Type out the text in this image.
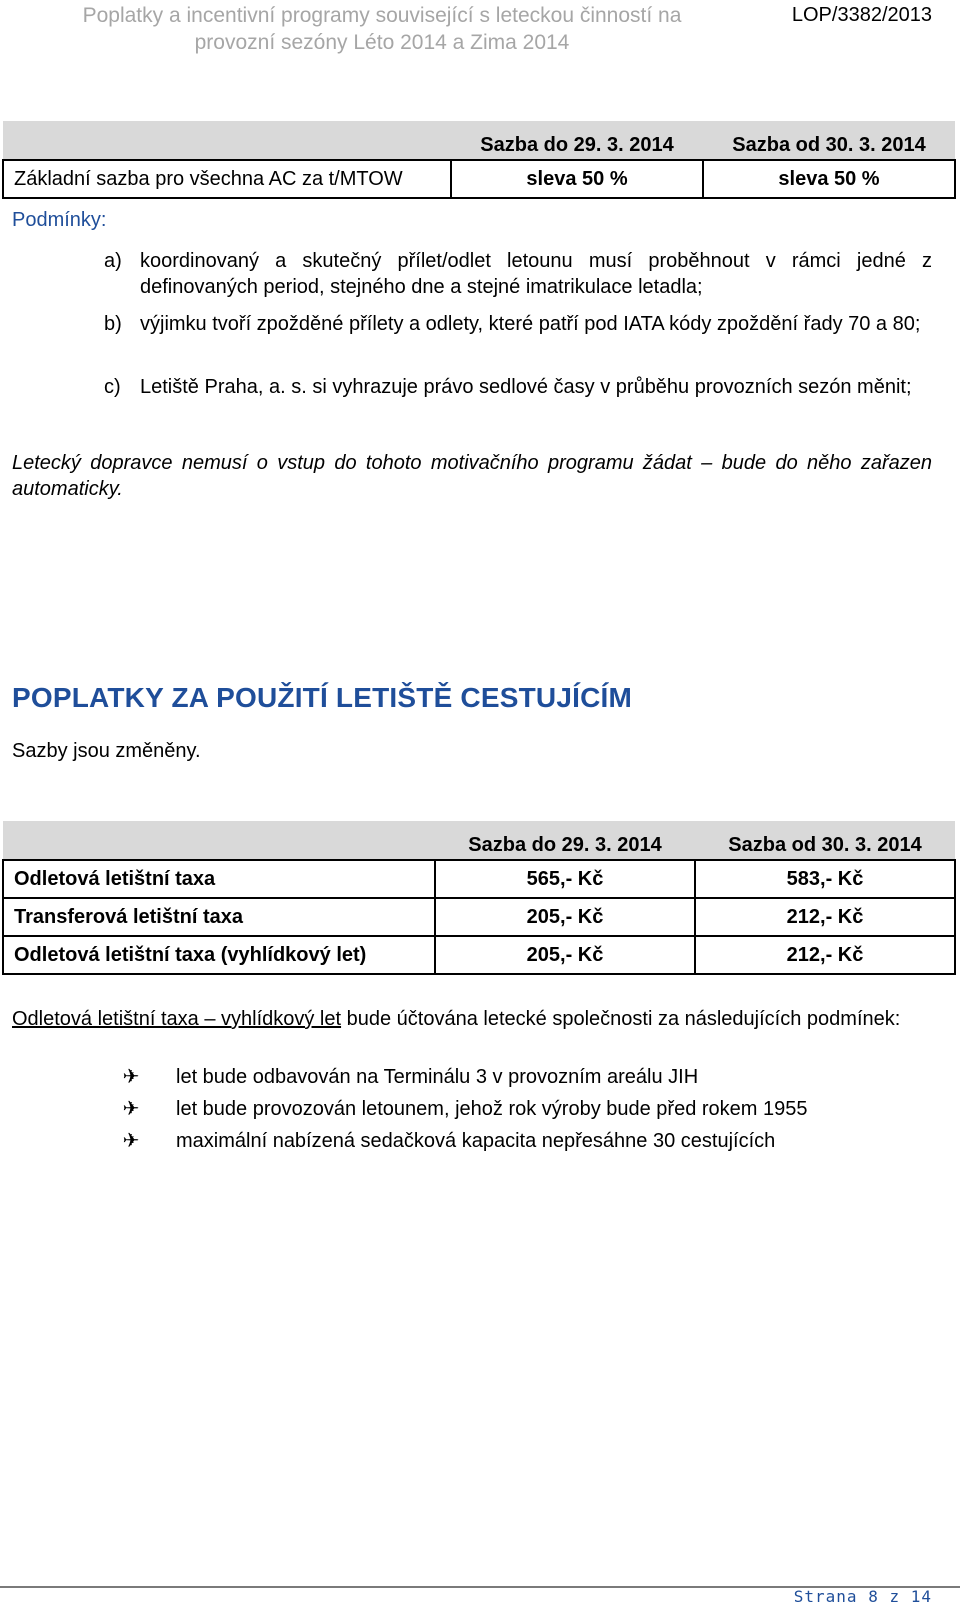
Poplatky a incentivní programy související s leteckou činností na
provozní sezóny Léto 2014 a Zima 2014
LOP/3382/2013
	Sazba do 29. 3. 2014	Sazba od 30. 3. 2014
Základní sazba pro všechna AC za t/MTOW	sleva 50 %	sleva 50 %
Podmínky:
a) koordinovaný a skutečný přílet/odlet letounu musí proběhnout v rámci jedné z definovaných period, stejného dne a stejné imatrikulace letadla;
b) výjimku tvoří zpožděné přílety a odlety, které patří pod IATA kódy zpoždění řady 70 a 80;
c) Letiště Praha, a. s. si vyhrazuje právo sedlové časy v průběhu provozních sezón měnit;
Letecký dopravce nemusí o vstup do tohoto motivačního programu žádat – bude do něho zařazen automaticky.
POPLATKY ZA POUŽITÍ LETIŠTĚ CESTUJÍCÍM
Sazby jsou změněny.
	Sazba do 29. 3. 2014	Sazba od 30. 3. 2014
Odletová letištní taxa	565,- Kč	583,- Kč
Transferová letištní taxa	205,- Kč	212,- Kč
Odletová letištní taxa (vyhlídkový let)	205,- Kč	212,- Kč
Odletová letištní taxa – vyhlídkový let bude účtována letecké společnosti za následujících podmínek:
✈ let bude odbavován na Terminálu 3 v provozním areálu JIH
✈ let bude provozován letounem, jehož rok výroby bude před rokem 1955
✈ maximální nabízená sedačková kapacita nepřesáhne 30 cestujících
Strana 8 z 14
